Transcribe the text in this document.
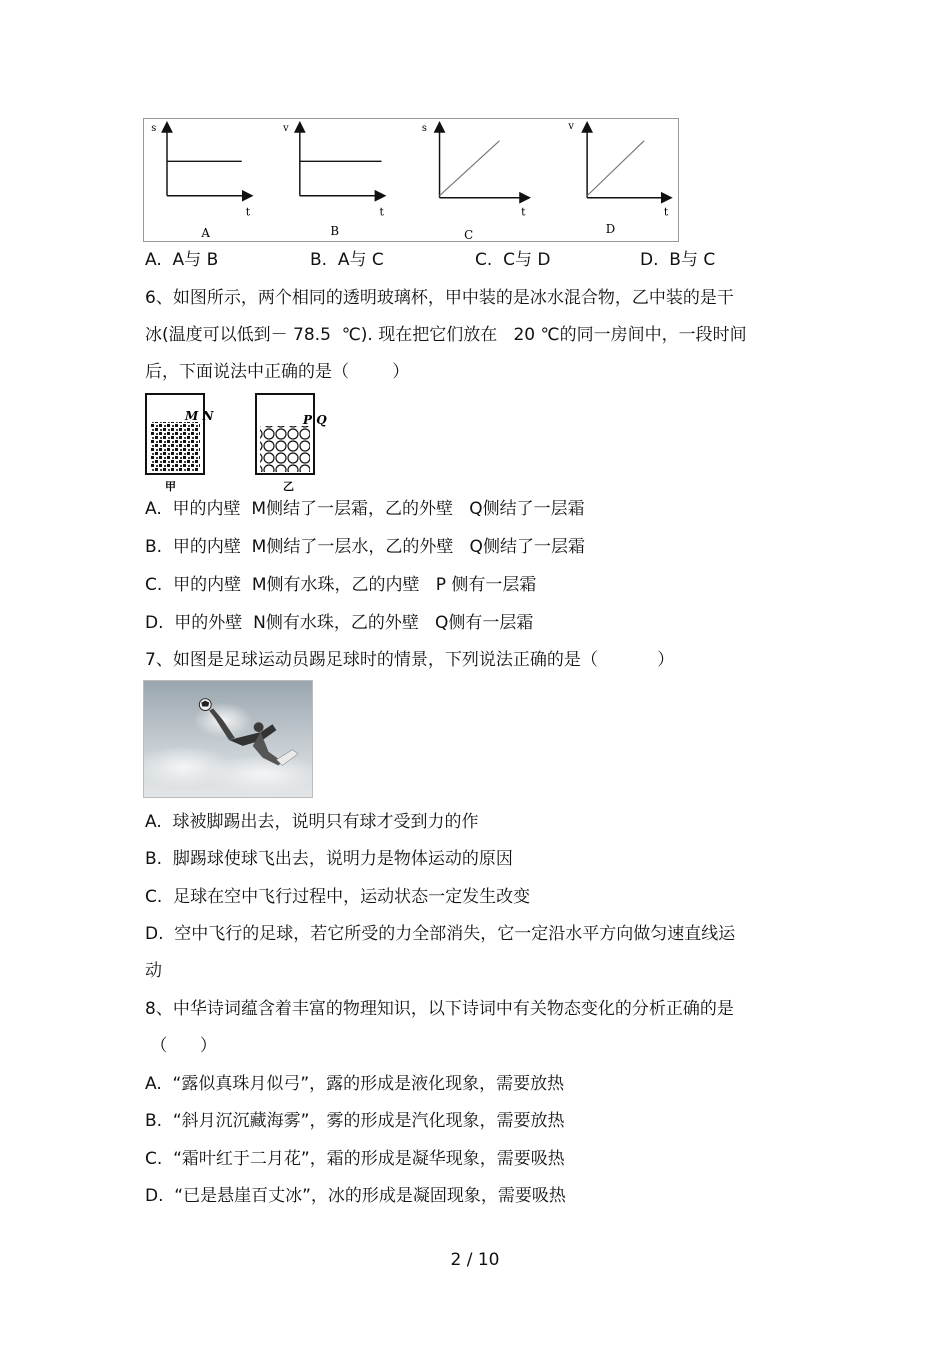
s
t
A
v
t
B
s
t
C
v
t
D
A.  A与 B	B.  A与 C	C.  C与 D	D.  B与 C
6、如图所示，两个相同的透明玻璃杯，甲中装的是冰水混合物，乙中装的是干
冰(温度可以低到－ 78.5  ℃). 现在把它们放在   20 ℃的同一房间中，一段时间
后，下面说法中正确的是（        ）
M N
甲
P Q
乙
A.  甲的内壁  M侧结了一层霜，乙的外壁   Q侧结了一层霜
B.  甲的内壁  M侧结了一层水，乙的外壁   Q侧结了一层霜
C.  甲的内壁  M侧有水珠，乙的内壁   P 侧有一层霜
D.  甲的外壁  N侧有水珠，乙的外壁   Q侧有一层霜
7、如图是足球运动员踢足球时的情景，下列说法正确的是（           ）
A.  球被脚踢出去，说明只有球才受到力的作
B.  脚踢球使球飞出去，说明力是物体运动的原因
C.  足球在空中飞行过程中，运动状态一定发生改变
D.  空中飞行的足球，若它所受的力全部消失，它一定沿水平方向做匀速直线运
动
8、中华诗词蕴含着丰富的物理知识，以下诗词中有关物态变化的分析正确的是
（      ）
A.  “露似真珠月似弓”，露的形成是液化现象，需要放热
B.  “斜月沉沉藏海雾”，雾的形成是汽化现象，需要放热
C.  “霜叶红于二月花”，霜的形成是凝华现象，需要吸热
D.  “已是悬崖百丈冰”，冰的形成是凝固现象，需要吸热
2 / 10
